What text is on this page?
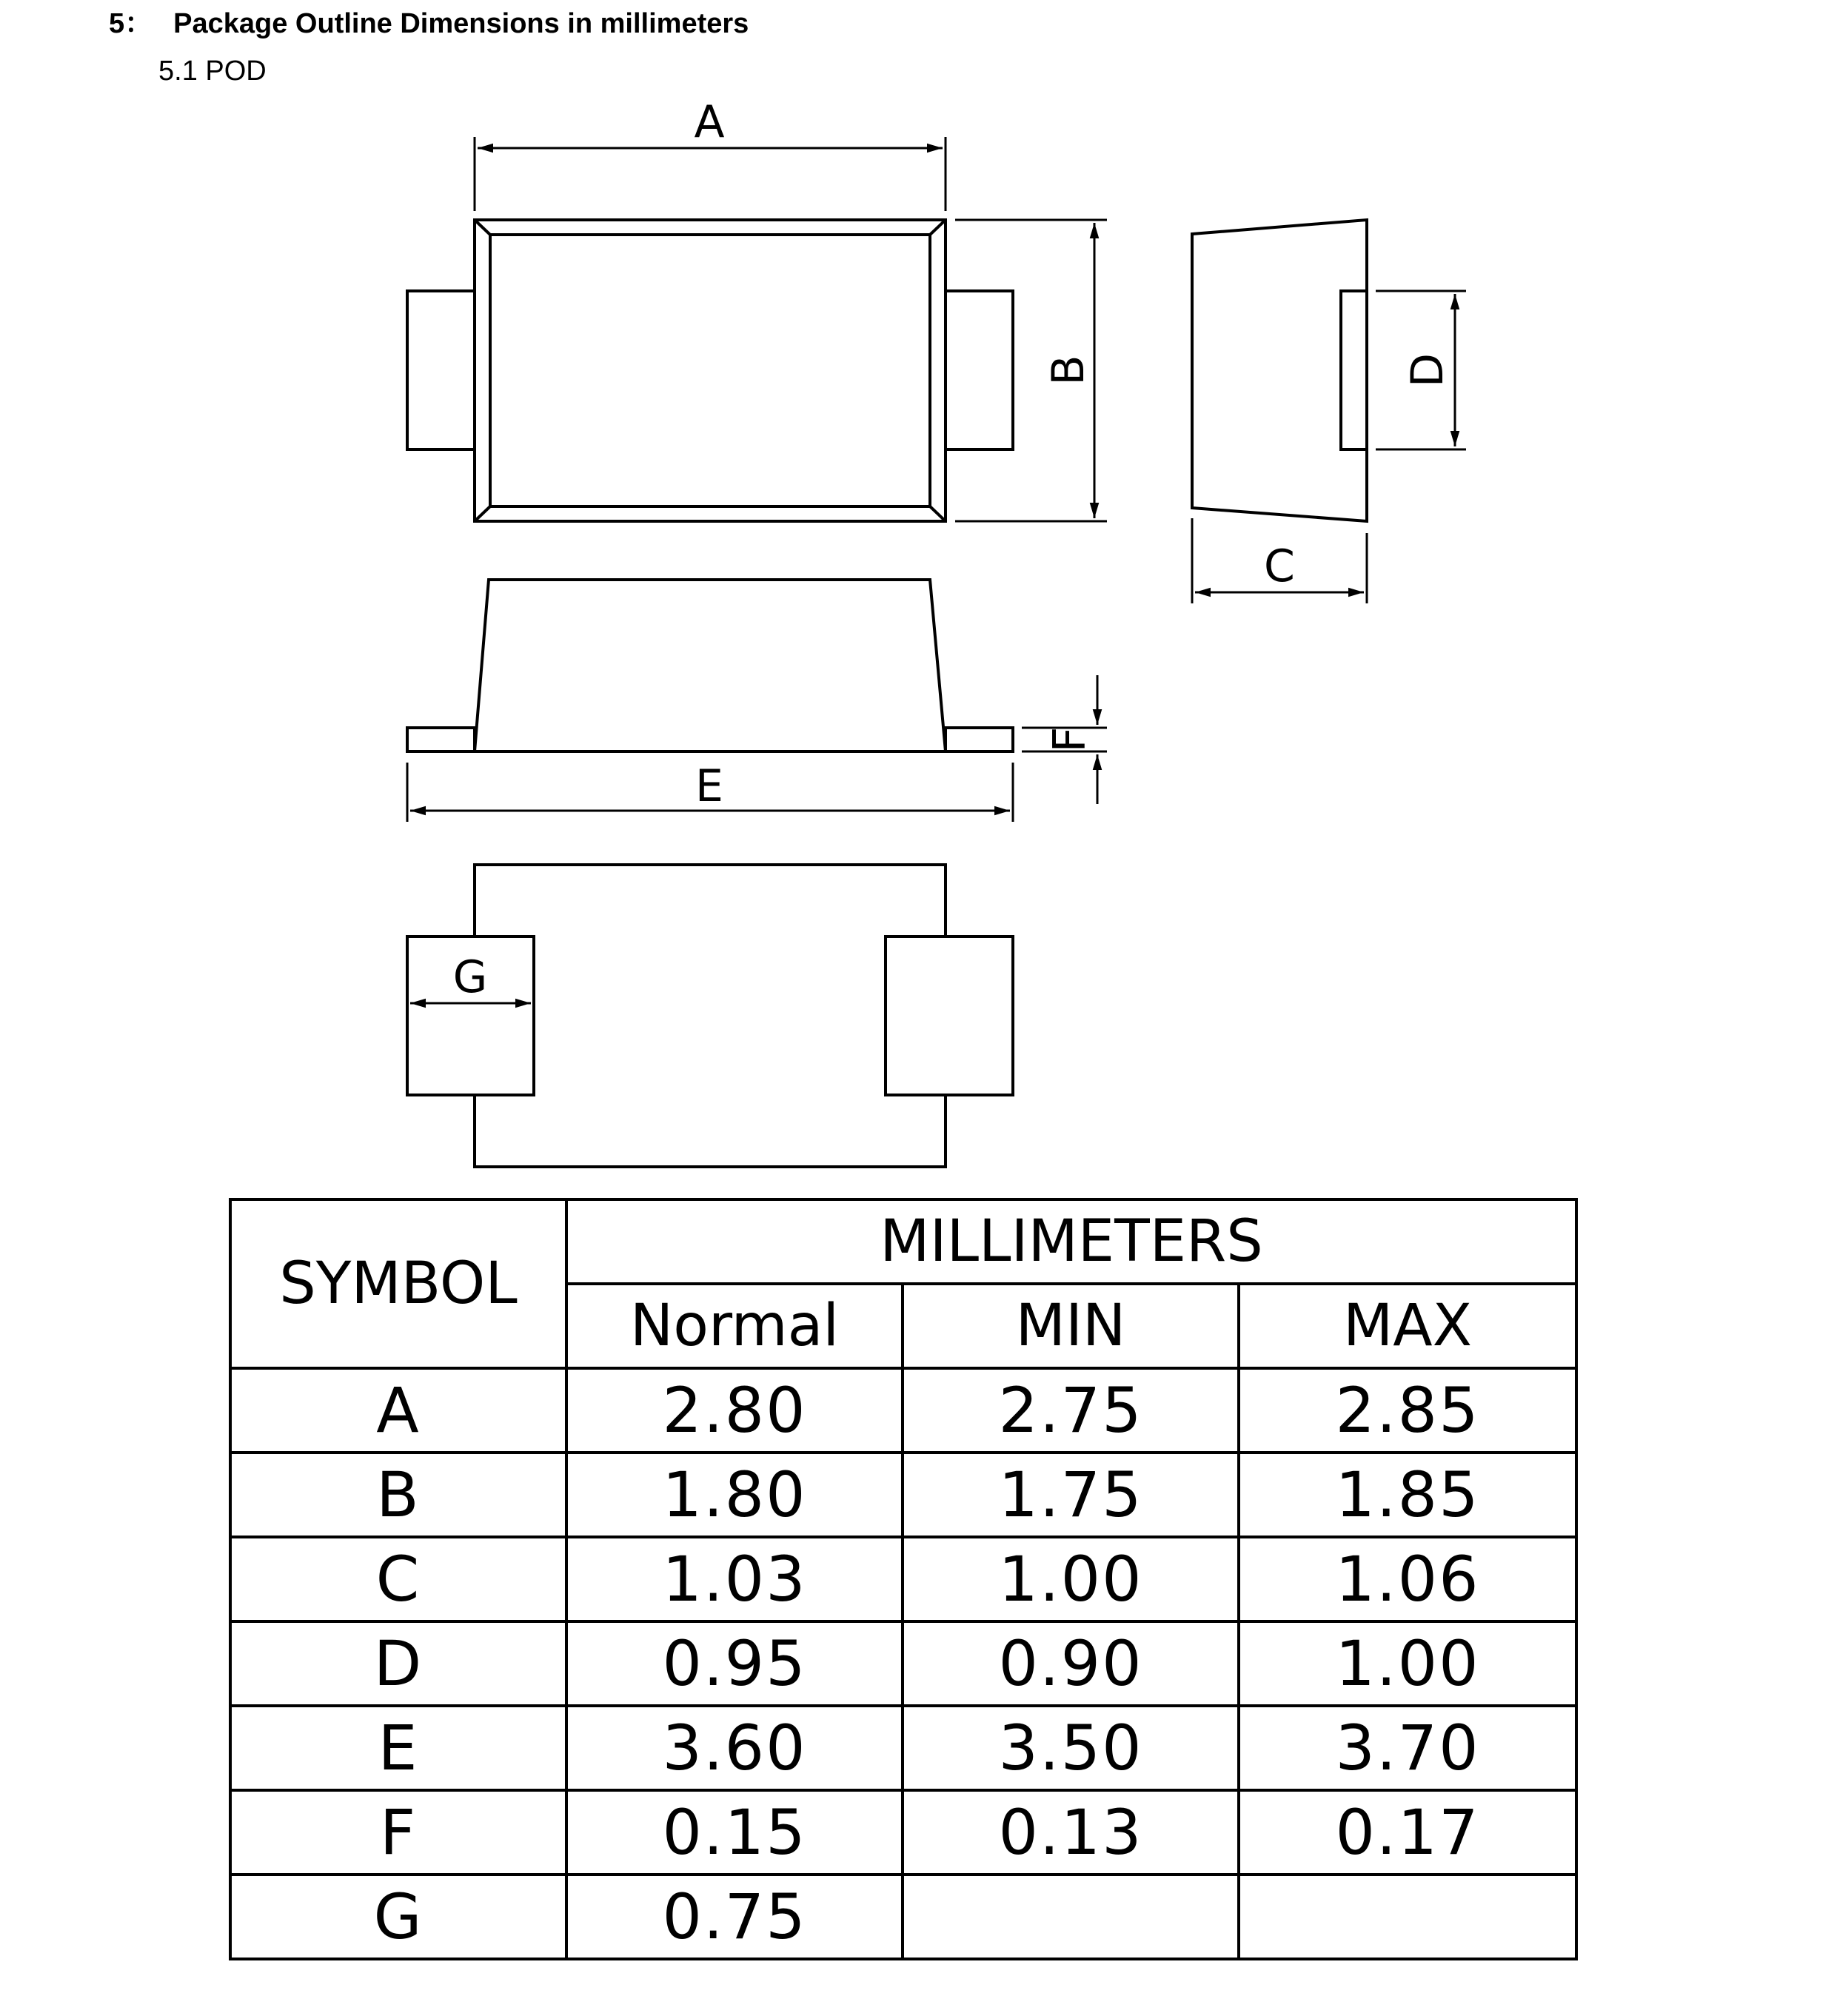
5： Package Outline Dimensions in millimeters
5.1 POD
A
B
C
D
E
F
G
SYMBOL	MILLIMETERS		
	Normal	MIN	MAX
A	2.80	2.75	2.85
B	1.80	1.75	1.85
C	1.03	1.00	1.06
D	0.95	0.90	1.00
E	3.60	3.50	3.70
F	0.15	0.13	0.17
G	0.75		
